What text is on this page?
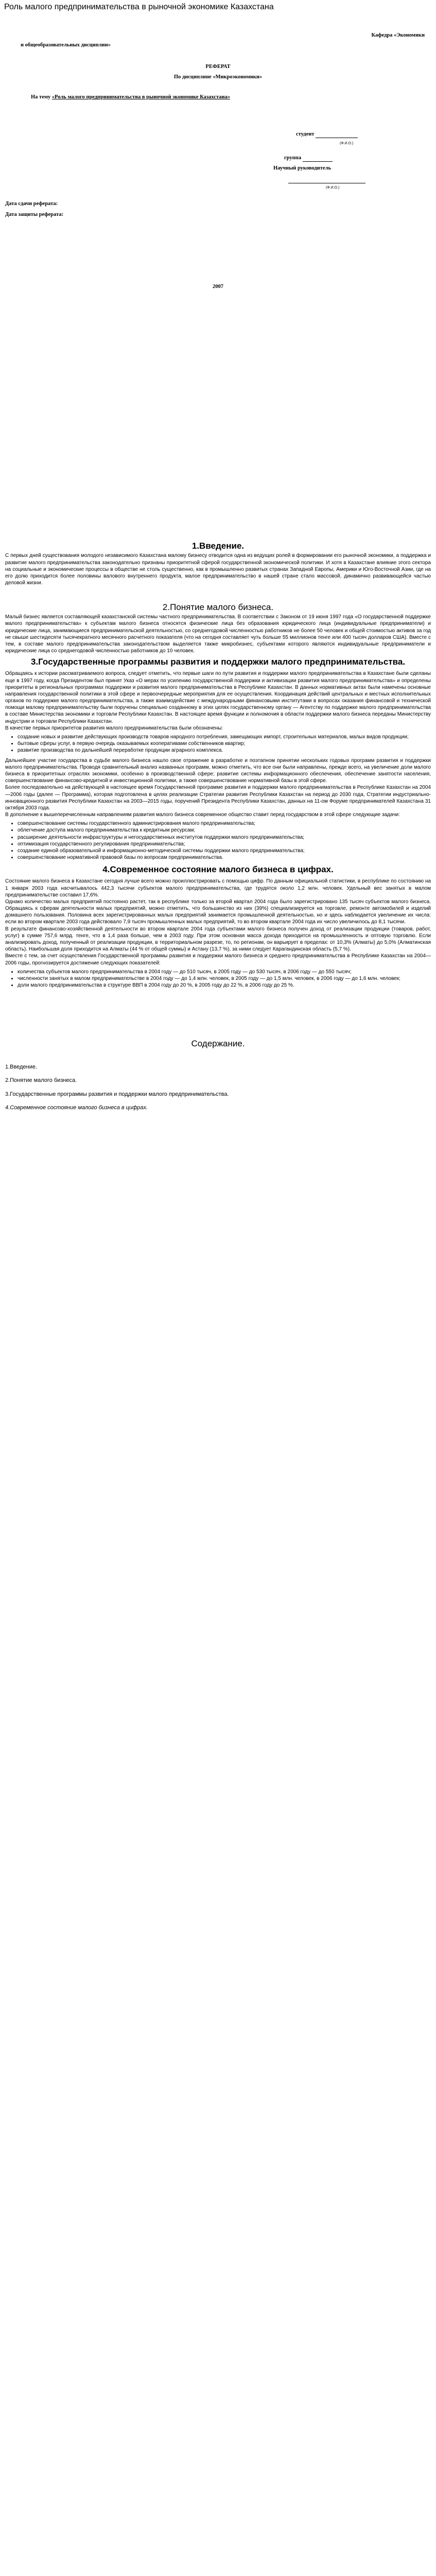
Роль малого предпринимательства в рыночной экономике Казахстана
Кафедра «Экономики
и общеобразовательных дисциплин»
РЕФЕРАТ
По дисциплине «Микроэкономики»
На тему «Роль малого предпринимательства в рыночной экономике Казахстана»
студент
(Ф.И.О.)
группа
Научный руководитель
(Ф.И.О.)
Дата сдачи реферата:
Дата защиты реферата:
2007
1.Введение.

С первых дней существования молодого независимого Казахстана малому бизнесу отводится одна из ведущих ролей в формировании его рыночной экономики, а поддержка и развитие малого предпринимательства законодательно признаны приоритетной сферой государственной экономической политики. И хотя в Казахстане влияние этого сектора на социальные и экономические процессы в обществе не столь существенно, как в промышленно развитых странах Западной Европы, Америки и Юго-Восточной Азии, где на его долю приходится более половины валового внутреннего продукта, малое предпринимательство в нашей стране стало массовой, динамично развивающейся частью деловой жизни.

2.Понятие малого бизнеса.

Малый бизнес является составляющей казахстанской системы частного предпринимательства. В соответствии с Законом от 19 июня 1997 года «О государственной поддержке малого предпринимательства» к субъектам малого бизнеса относятся физические лица без образования юридического лица (индивидуальные предприниматели) и юридические лица, занимающиеся предпринимательской деятельностью, со среднегодовой численностью работников не более 50 человек и общей стоимостью активов за год не свыше шестидесяти тысячекратного месячного расчетного показателя (что на сегодня составляет чуть больше 55 миллионов тенге или 400 тысяч долларов США). Вместе с тем, в составе малого предпринимательства законодательством выделяется также микробизнес, субъектами которого являются индивидуальные предприниматели и юридические лица со среднегодовой численностью работников до 10 человек.

3.Государственные программы развития и поддержки малого предпринимательства.

Обращаясь к истории рассматриваемого вопроса, следует отметить, что первые шаги по пути развития и поддержки малого предпринимательства в Казахстане были сделаны еще в 1997 году, когда Президентом был принят Указ «О мерах по усилению государственной поддержки и активизации развития малого предпринимательства» и определены приоритеты в региональных программах поддержки и развития малого предпринимательства в Республике Казахстан. В данных нормативных актах были намечены основные направления государственной политики в этой сфере и первоочередные мероприятия для ее осуществления. Координация действий центральных и местных исполнительных органов по поддержке малого предпринимательства, а также взаимодействие с международными финансовыми институтами в вопросах оказания финансовой и технической помощи малому предпринимательству были поручены специально созданному в этих целях государственному органу — Агентству по поддержке малого предпринимательства в составе Министерства экономики и торговли Республики Казахстан. В настоящее время функции и полномочия в области поддержки малого бизнеса переданы Министерству индустрии и торговли Республики Казахстан.

В качестве первых приоритетов развития малого предпринимательства были обозначены:

• создание новых и развитие действующих производств товаров народного потребления, замещающих импорт, строительных материалов, малых видов продукции;
• бытовые сферы услуг, в первую очередь оказываемых кооперативами собственников квартир;
• развитие производства по дальнейшей переработке продукции аграрного комплекса.

Дальнейшее участие государства в судьбе малого бизнеса нашло свое отражение в разработке и поэтапном принятии нескольких годовых программ развития и поддержки малого предпринимательства. Проводя сравнительный анализ названных программ, можно отметить, что все они были направлены, прежде всего, на увеличение доли малого бизнеса в приоритетных отраслях экономики, особенно в производственной сфере; развитие системы информационного обеспечения, обеспечение занятости населения, совершенствование финансово-кредитной и инвестиционной политики, а также совершенствование нормативной базы в этой сфере.

Более последовательно на действующей в настоящее время Государственной программе развития и поддержки малого предпринимательства в Республике Казахстан на 2004—2006 годы (далее — Программа), которая подготовлена в целях реализации Стратегии развития Республики Казахстан на период до 2030 года, Стратегии индустриально-инновационного развития Республики Казахстан на 2003—2015 годы, поручений Президента Республики Казахстан, данных на 11-ом Форуме предпринимателей Казахстана 31 октября 2003 года.

В дополнение к вышеперечисленным направлениям развития малого бизнеса современное общество ставит перед государством в этой сфере следующие задачи:

• совершенствование системы государственного администрирования малого предпринимательства;
• облегчение доступа малого предпринимательства к кредитным ресурсам;
• расширение деятельности инфраструктуры и негосударственных институтов поддержки малого предпринимательства;
• оптимизация государственного регулирования предпринимательства;
• создание единой образовательной и информационно-методической системы поддержки малого предпринимательства;
• совершенствование нормативной правовой базы по вопросам предпринимательства.
4.Современное состояние малого бизнеса в цифрах.

Состояние малого бизнеса в Казахстане сегодня лучше всего можно проиллюстрировать с помощью цифр. По данным официальной статистики, в республике по состоянию на 1 января 2003 года насчитывалось 442,3 тысячи субъектов малого предпринимательства, где трудятся около 1,2 млн. человек. Удельный вес занятых в малом предпринимательстве составил 17,6%.

Однако количество малых предприятий постоянно растет, так в республике только за второй квартал 2004 года было зарегистрировано 135 тысяч субъектов малого бизнеса. Обращаясь к сферам деятельности малых предприятий, можно отметить, что большинство из них (39%) специализируется на торговле, ремонте автомобилей и изделий домашнего пользования. Половина всех зарегистрированных малых предприятий занимается промышленной деятельностью, но и здесь наблюдается увеличение их числа: если во втором квартале 2003 года действовало 7,9 тысяч промышленных малых предприятий, то во втором квартале 2004 года их число увеличилось до 8,1 тысячи.

В результате финансово-хозяйственной деятельности во втором квартале 2004 года субъектами малого бизнеса получен доход от реализации продукции (товаров, работ, услуг) в сумме 757,6 млрд. тенге, что в 1,4 раза больше, чем в 2003 году. При этом основная масса дохода приходится на промышленность и оптовую торговлю. Если анализировать доход, полученный от реализации продукции, в территориальном разрезе, то, по регионам, он варьирует в пределах: от 10,3% (Алматы) до 5,0% (Алматинская область). Наибольшая доля приходится на Алматы (44 % от общей суммы) и Астану (13,7 %), за ними следует Карагандинская область (5,7 %).

Вместе с тем, за счет осуществления Государственной программы развития и поддержки малого бизнеса и среднего предпринимательства в Республике Казахстан на 2004—2006 годы, прогнозируется достижение следующих показателей:

• количества субъектов малого предпринимательства в 2004 году — до 510 тысяч, в 2005 году — до 530 тысяч, в 2006 году — до 550 тысяч;
• численности занятых в малом предпринимательстве в 2004 году — до 1,4 млн. человек, в 2005 году — до 1,5 млн. человек, в 2006 году — до 1,6 млн. человек;
• доли малого предпринимательства в структуре ВВП в 2004 году до 20 %, в 2005 году до 22 %, в 2006 году до 25 %.
Содержание.
1.Введение.
2.Понятие малого бизнеса.
3.Государственные программы развития и поддержки малого предпринимательства.
4.Современное состояние малого бизнеса в цифрах.
